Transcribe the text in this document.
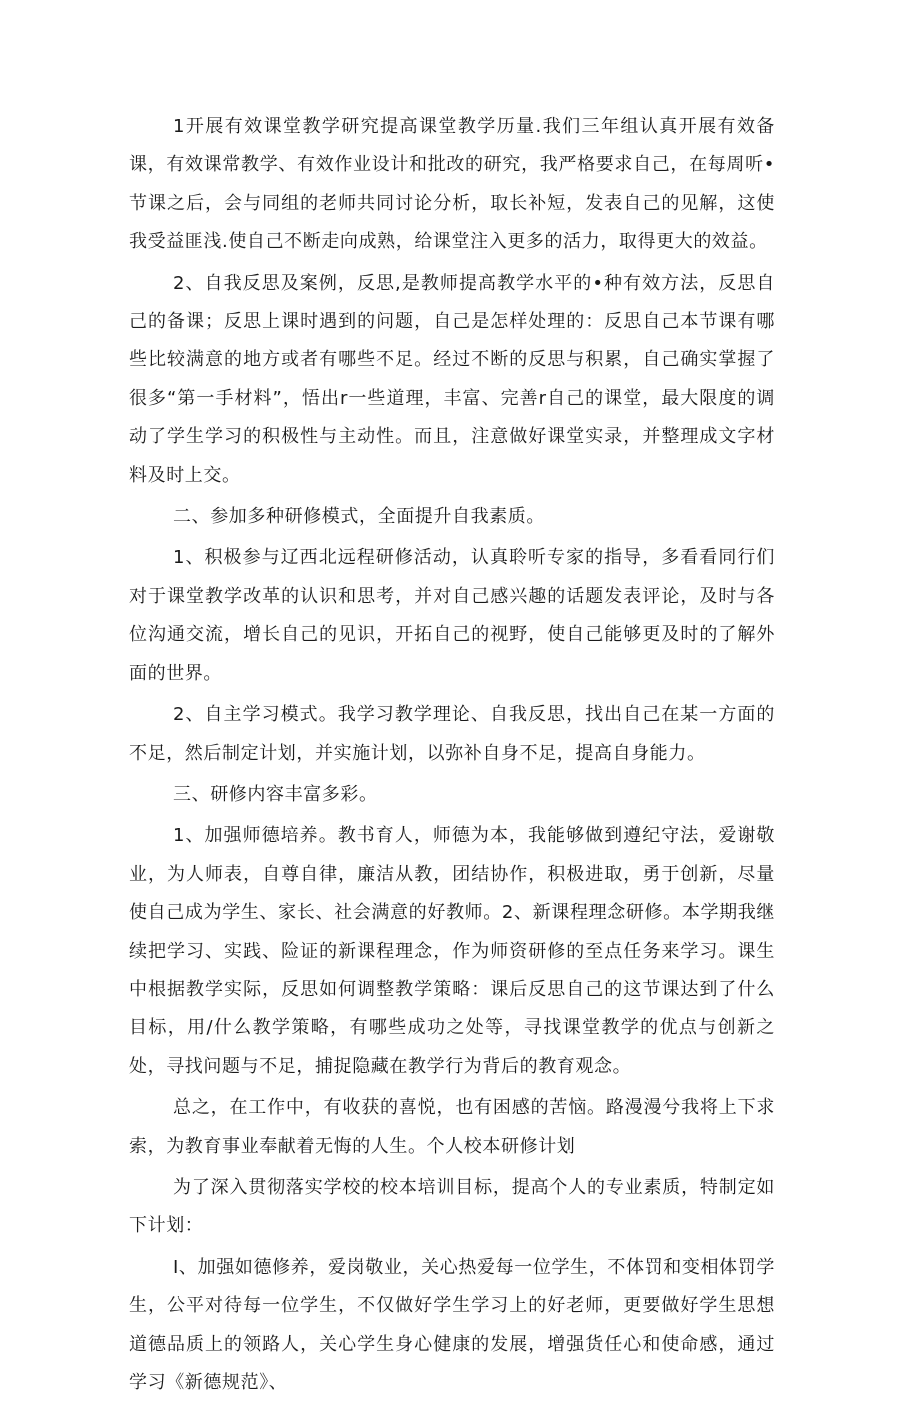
1开展有效课堂教学研究提高课堂教学历量.我们三年组认真开展有效备课，有效课常教学、有效作业设计和批改的研究，我严格要求自己，在每周听•节课之后，会与同组的老师共同讨论分析，取长补短，发表自己的见解，这使我受益匪浅.使自己不断走向成熟，给课堂注入更多的活力，取得更大的效益。

2、自我反思及案例，反思,是教师提高教学水平的•种有效方法，反思自己的备课；反思上课时遇到的问题，自己是怎样处理的：反思自己本节课有哪些比较满意的地方或者有哪些不足。经过不断的反思与积累，自己确实掌握了很多“第一手材料”，悟出r一些道理，丰富、完善r自己的课堂，最大限度的调动了学生学习的积极性与主动性。而且，注意做好课堂实录，并整理成文字材料及时上交。

二、参加多种研修模式，全面提升自我素质。

1、积极参与辽西北远程研修活动，认真聆听专家的指导，多看看同行们对于课堂教学改革的认识和思考，并对自己感兴趣的话题发表评论，及时与各位沟通交流，增长自己的见识，开拓自己的视野，使自己能够更及时的了解外面的世界。

2、自主学习模式。我学习教学理论、自我反思，找出自己在某一方面的不足，然后制定计划，并实施计划，以弥补自身不足，提高自身能力。

三、研修内容丰富多彩。

1、加强师德培养。教书育人，师德为本，我能够做到遵纪守法，爱谢敬业，为人师表，自尊自律，廉洁从教，团结协作，积极进取，勇于创新，尽量使自己成为学生、家长、社会满意的好教师。2、新课程理念研修。本学期我继续把学习、实践、险证的新课程理念，作为师资研修的至点任务来学习。课生中根据教学实际，反思如何调整教学策略：课后反思自己的这节课达到了什么目标，用/什么教学策略，有哪些成功之处等，寻找课堂教学的优点与创新之处，寻找问题与不足，捕捉隐藏在教学行为背后的教育观念。

总之，在工作中，有收获的喜悦，也有困感的苦恼。路漫漫兮我将上下求索，为教育事业奉献着无悔的人生。个人校本研修计划

为了深入贯彻落实学校的校本培训目标，提高个人的专业素质，特制定如下计划：

I、加强如德修养，爱岗敬业，关心热爱每一位学生，不体罚和变相体罚学生，公平对待每一位学生，不仅做好学生学习上的好老师，更要做好学生思想道德品质上的领路人，关心学生身心健康的发展，增强货任心和使命感，通过学习《新德规范》、
